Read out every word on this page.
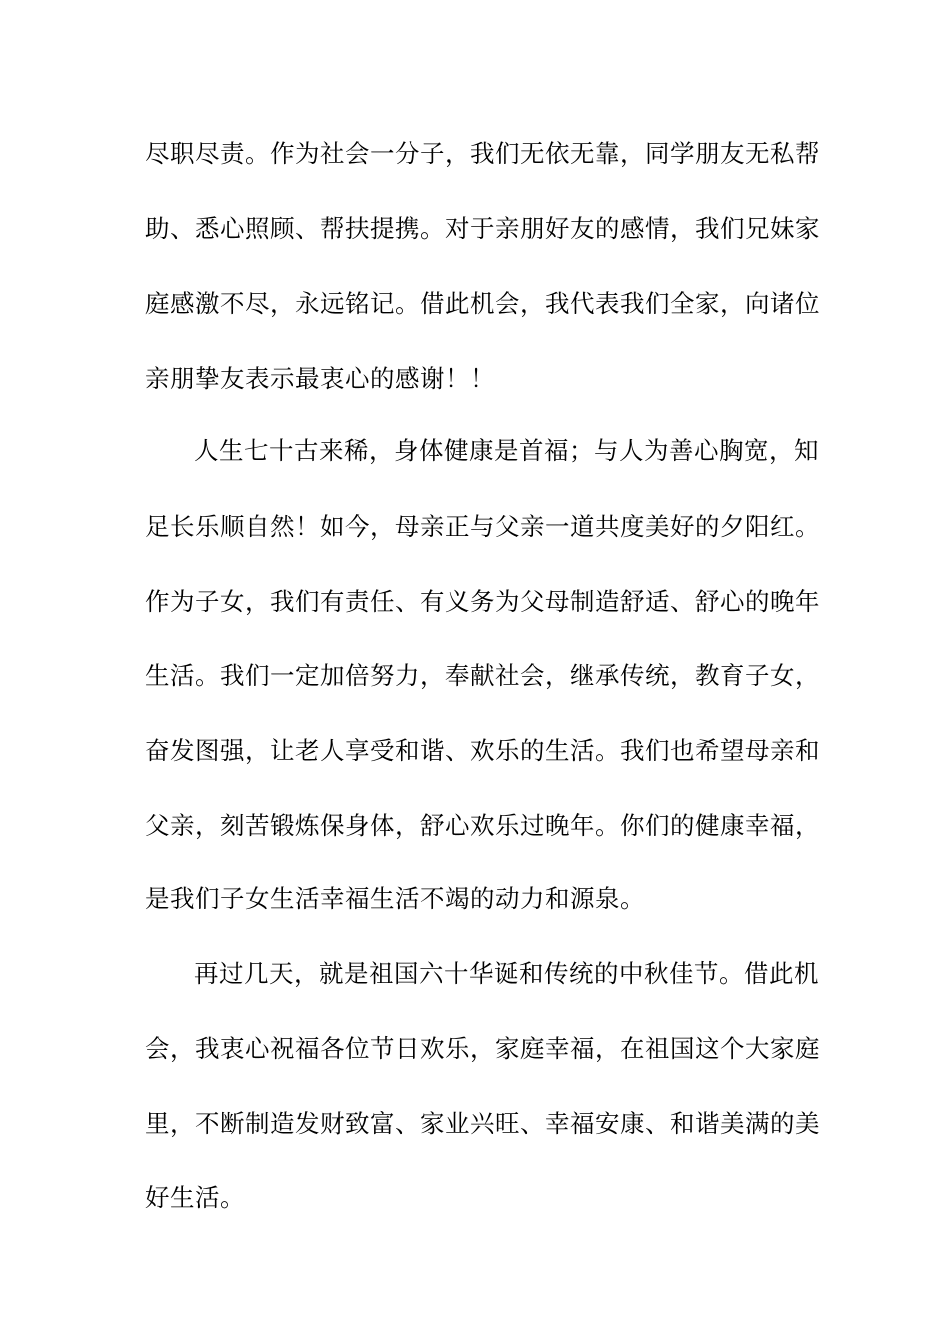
尽职尽责。作为社会一分子，我们无依无靠，同学朋友无私帮
助、悉心照顾、帮扶提携。对于亲朋好友的感情，我们兄妹家
庭感激不尽，永远铭记。借此机会，我代表我们全家，向诸位
亲朋挚友表示最衷心的感谢！！
人生七十古来稀，身体健康是首福；与人为善心胸宽，知
足长乐顺自然！如今，母亲正与父亲一道共度美好的夕阳红。
作为子女，我们有责任、有义务为父母制造舒适、舒心的晚年
生活。我们一定加倍努力，奉献社会，继承传统，教育子女，
奋发图强，让老人享受和谐、欢乐的生活。我们也希望母亲和
父亲，刻苦锻炼保身体，舒心欢乐过晚年。你们的健康幸福，
是我们子女生活幸福生活不竭的动力和源泉。
再过几天，就是祖国六十华诞和传统的中秋佳节。借此机
会，我衷心祝福各位节日欢乐，家庭幸福，在祖国这个大家庭
里，不断制造发财致富、家业兴旺、幸福安康、和谐美满的美
好生活。
